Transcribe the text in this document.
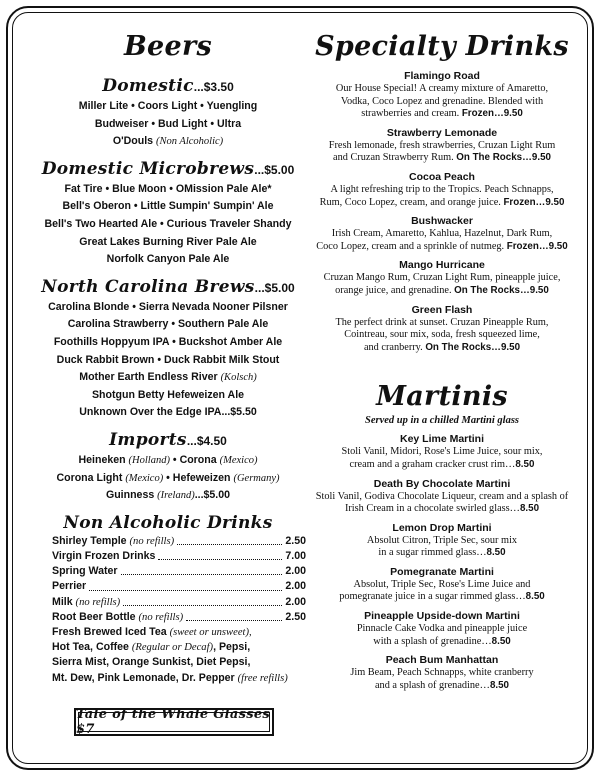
Beers
Domestic...$3.50
Miller Lite • Coors Light • Yuengling
Budweiser • Bud Light • Ultra
O'Douls (Non Alcoholic)
Domestic Microbrews...$5.00
Fat Tire • Blue Moon • OMission Pale Ale*
Bell's Oberon • Little Sumpin' Sumpin' Ale
Bell's Two Hearted Ale • Curious Traveler Shandy
Great Lakes Burning River Pale Ale
Norfolk Canyon Pale Ale
North Carolina Brews...$5.00
Carolina Blonde • Sierra Nevada Nooner Pilsner
Carolina Strawberry • Southern Pale Ale
Foothills Hoppyum IPA • Buckshot Amber Ale
Duck Rabbit Brown • Duck Rabbit Milk Stout
Mother Earth Endless River (Kolsch)
Shotgun Betty Hefeweizen Ale
Unknown Over the Edge IPA...$5.50
Imports...$4.50
Heineken (Holland) • Corona (Mexico)
Corona Light (Mexico) • Hefeweizen (Germany)
Guinness (Ireland)...$5.00
Non Alcoholic Drinks
Shirley Temple (no refills)	2.50
Virgin Frozen Drinks	7.00
Spring Water	2.00
Perrier	2.00
Milk (no refills)	2.00
Root Beer Bottle (no refills)	2.50
Fresh Brewed Iced Tea (sweet or unsweet),
Hot Tea, Coffee (Regular or Decaf), Pepsi,
Sierra Mist, Orange Sunkist, Diet Pepsi,
Mt. Dew, Pink Lemonade, Dr. Pepper (free refills)
Tale of the Whale Glasses $7
Specialty Drinks
Flamingo Road
Our House Special! A creamy mixture of Amaretto,
Vodka, Coco Lopez and grenadine. Blended with
strawberries and cream. Frozen…9.50
Strawberry Lemonade
Fresh lemonade, fresh strawberries, Cruzan Light Rum
and Cruzan Strawberry Rum. On The Rocks…9.50
Cocoa Peach
A light refreshing trip to the Tropics. Peach Schnapps,
Rum, Coco Lopez, cream, and orange juice. Frozen…9.50
Bushwacker
Irish Cream, Amaretto, Kahlua, Hazelnut, Dark Rum,
Coco Lopez, cream and a sprinkle of nutmeg. Frozen…9.50
Mango Hurricane
Cruzan Mango Rum, Cruzan Light Rum, pineapple juice,
orange juice, and grenadine. On The Rocks…9.50
Green Flash
The perfect drink at sunset. Cruzan Pineapple Rum,
Cointreau, sour mix, soda, fresh squeezed lime,
and cranberry. On The Rocks…9.50
Martinis
Served up in a chilled Martini glass
Key Lime Martini
Stoli Vanil, Midori, Rose's Lime Juice, sour mix,
cream and a graham cracker crust rim…8.50
Death By Chocolate Martini
Stoli Vanil, Godiva Chocolate Liqueur, cream and a splash of
Irish Cream in a chocolate swirled glass…8.50
Lemon Drop Martini
Absolut Citron, Triple Sec, sour mix
in a sugar rimmed glass…8.50
Pomegranate Martini
Absolut, Triple Sec, Rose's Lime Juice and
pomegranate juice in a sugar rimmed glass…8.50
Pineapple Upside-down Martini
Pinnacle Cake Vodka and pineapple juice
with a splash of grenadine…8.50
Peach Bum Manhattan
Jim Beam, Peach Schnapps, white cranberry
and a splash of grenadine…8.50
